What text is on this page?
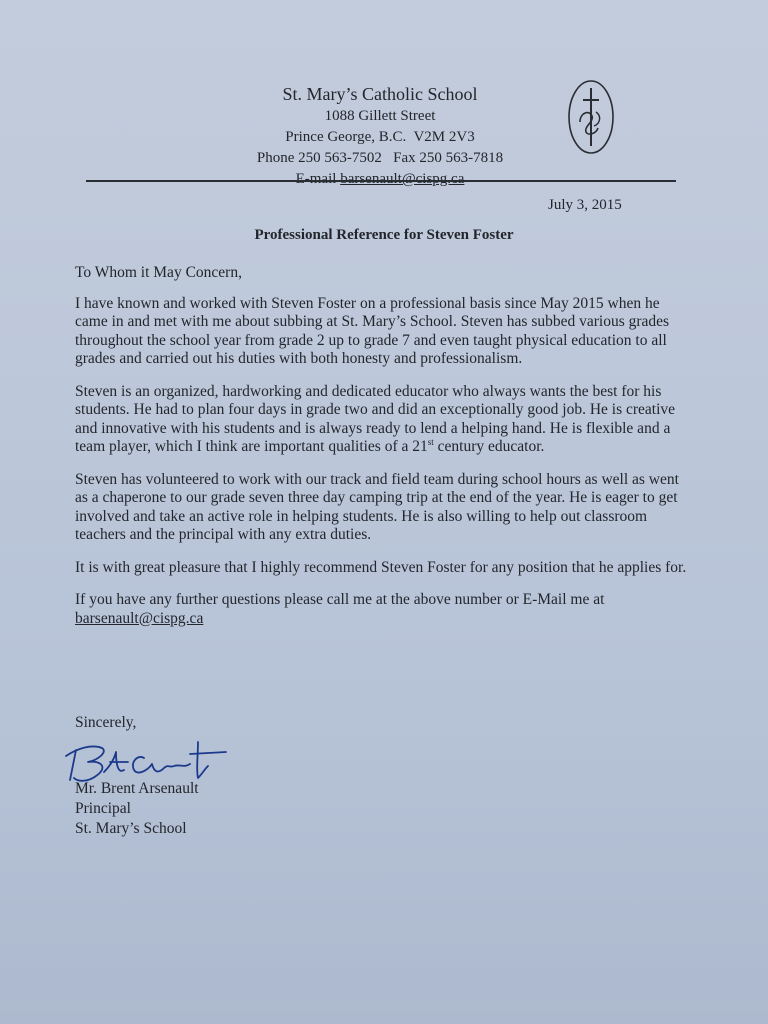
St. Mary’s Catholic School
1088 Gillett Street
Prince George, B.C.  V2M 2V3
Phone 250 563-7502   Fax 250 563-7818
E-mail barsenault@cispg.ca
July 3, 2015
Professional Reference for Steven Foster

To Whom it May Concern,

I have known and worked with Steven Foster on a professional basis since May 2015 when he came in and met with me about subbing at St. Mary’s School. Steven has subbed various grades throughout the school year from grade 2 up to grade 7 and even taught physical education to all grades and carried out his duties with both honesty and professionalism.

Steven is an organized, hardworking and dedicated educator who always wants the best for his students. He had to plan four days in grade two and did an exceptionally good job. He is creative and innovative with his students and is always ready to lend a helping hand. He is flexible and a team player, which I think are important qualities of a 21st century educator.

Steven has volunteered to work with our track and field team during school hours as well as went as a chaperone to our grade seven three day camping trip at the end of the year. He is eager to get involved and take an active role in helping students. He is also willing to help out classroom teachers and the principal with any extra duties.

It is with great pleasure that I highly recommend Steven Foster for any position that he applies for.

If you have any further questions please call me at the above number or E-Mail me at barsenault@cispg.ca

Sincerely,
Mr. Brent Arsenault
Principal
St. Mary’s School
